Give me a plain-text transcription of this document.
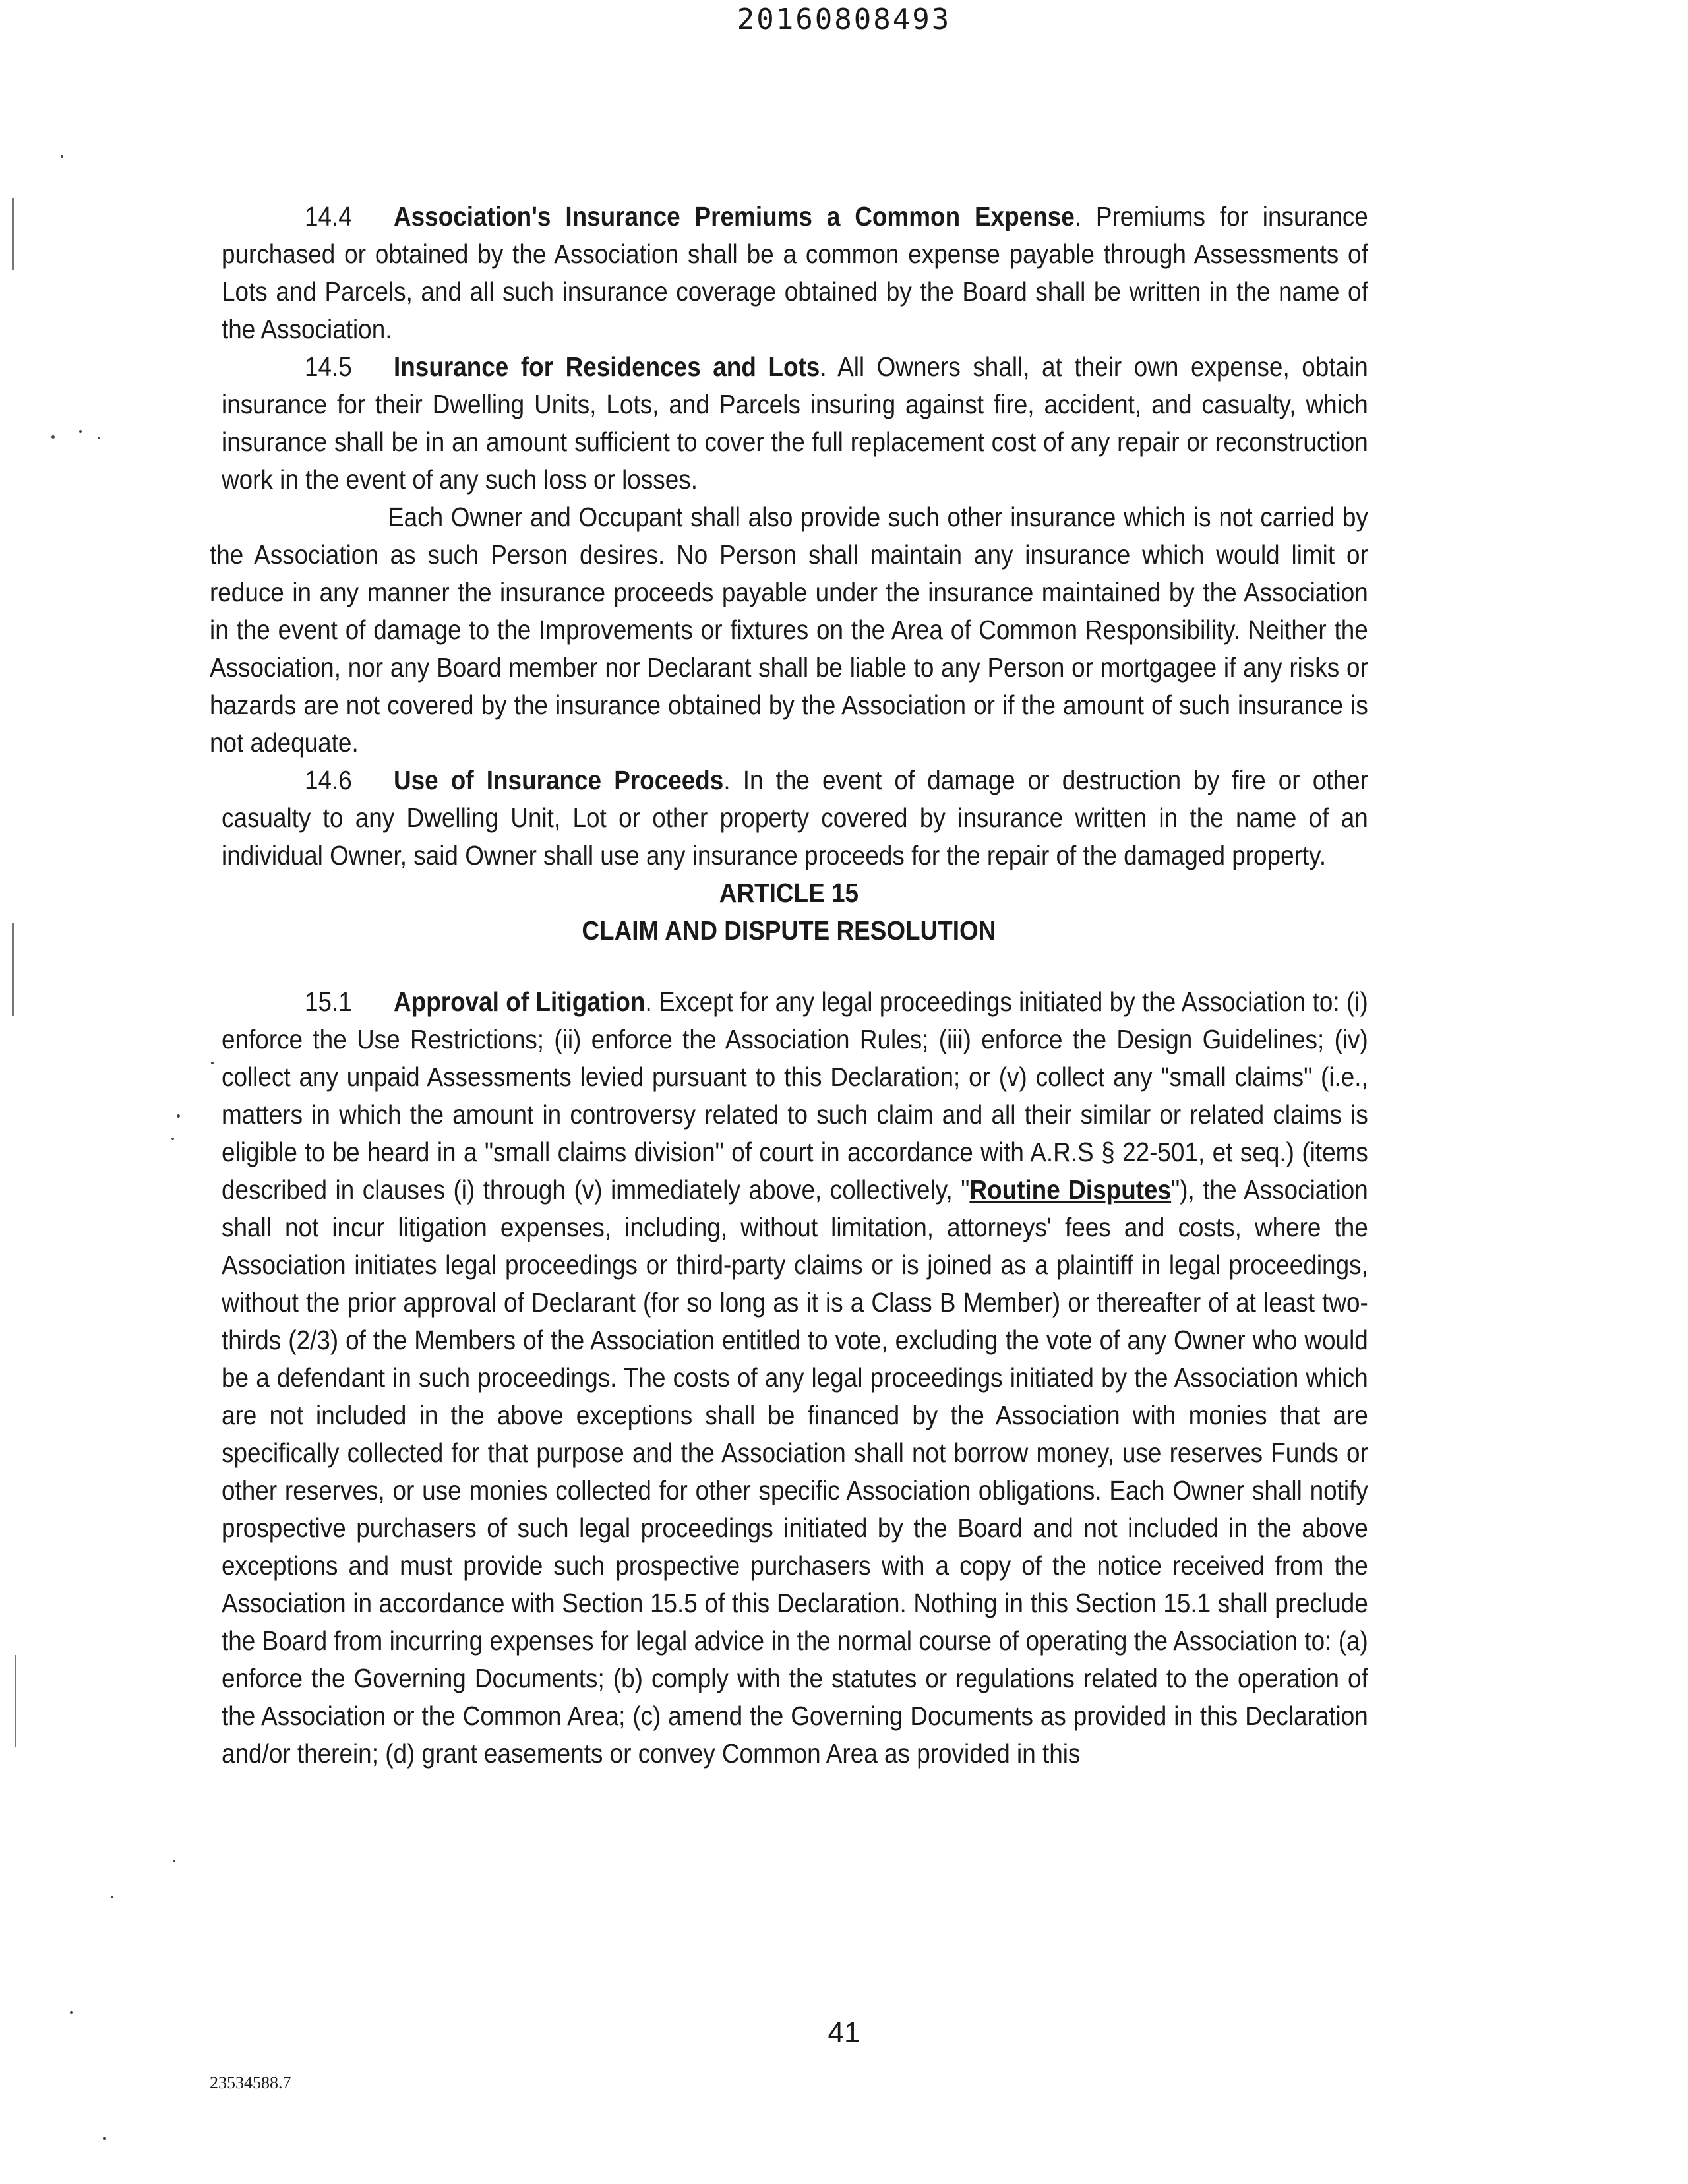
20160808493

14.4 Association's Insurance Premiums a Common Expense. Premiums for insurance purchased or obtained by the Association shall be a common expense payable through Assessments of Lots and Parcels, and all such insurance coverage obtained by the Board shall be written in the name of the Association.

14.5 Insurance for Residences and Lots. All Owners shall, at their own expense, obtain insurance for their Dwelling Units, Lots, and Parcels insuring against fire, accident, and casualty, which insurance shall be in an amount sufficient to cover the full replacement cost of any repair or reconstruction work in the event of any such loss or losses.

Each Owner and Occupant shall also provide such other insurance which is not carried by the Association as such Person desires. No Person shall maintain any insurance which would limit or reduce in any manner the insurance proceeds payable under the insurance maintained by the Association in the event of damage to the Improvements or fixtures on the Area of Common Responsibility. Neither the Association, nor any Board member nor Declarant shall be liable to any Person or mortgagee if any risks or hazards are not covered by the insurance obtained by the Association or if the amount of such insurance is not adequate.

14.6 Use of Insurance Proceeds. In the event of damage or destruction by fire or other casualty to any Dwelling Unit, Lot or other property covered by insurance written in the name of an individual Owner, said Owner shall use any insurance proceeds for the repair of the damaged property.

ARTICLE 15
CLAIM AND DISPUTE RESOLUTION

15.1 Approval of Litigation. Except for any legal proceedings initiated by the Association to: (i) enforce the Use Restrictions; (ii) enforce the Association Rules; (iii) enforce the Design Guidelines; (iv) collect any unpaid Assessments levied pursuant to this Declaration; or (v) collect any "small claims" (i.e., matters in which the amount in controversy related to such claim and all their similar or related claims is eligible to be heard in a "small claims division" of court in accordance with A.R.S § 22-501, et seq.) (items described in clauses (i) through (v) immediately above, collectively, "Routine Disputes"), the Association shall not incur litigation expenses, including, without limitation, attorneys' fees and costs, where the Association initiates legal proceedings or third-party claims or is joined as a plaintiff in legal proceedings, without the prior approval of Declarant (for so long as it is a Class B Member) or thereafter of at least two-thirds (2/3) of the Members of the Association entitled to vote, excluding the vote of any Owner who would be a defendant in such proceedings. The costs of any legal proceedings initiated by the Association which are not included in the above exceptions shall be financed by the Association with monies that are specifically collected for that purpose and the Association shall not borrow money, use reserves Funds or other reserves, or use monies collected for other specific Association obligations. Each Owner shall notify prospective purchasers of such legal proceedings initiated by the Board and not included in the above exceptions and must provide such prospective purchasers with a copy of the notice received from the Association in accordance with Section 15.5 of this Declaration. Nothing in this Section 15.1 shall preclude the Board from incurring expenses for legal advice in the normal course of operating the Association to: (a) enforce the Governing Documents; (b) comply with the statutes or regulations related to the operation of the Association or the Common Area; (c) amend the Governing Documents as provided in this Declaration and/or therein; (d) grant easements or convey Common Area as provided in this

41

23534588.7
